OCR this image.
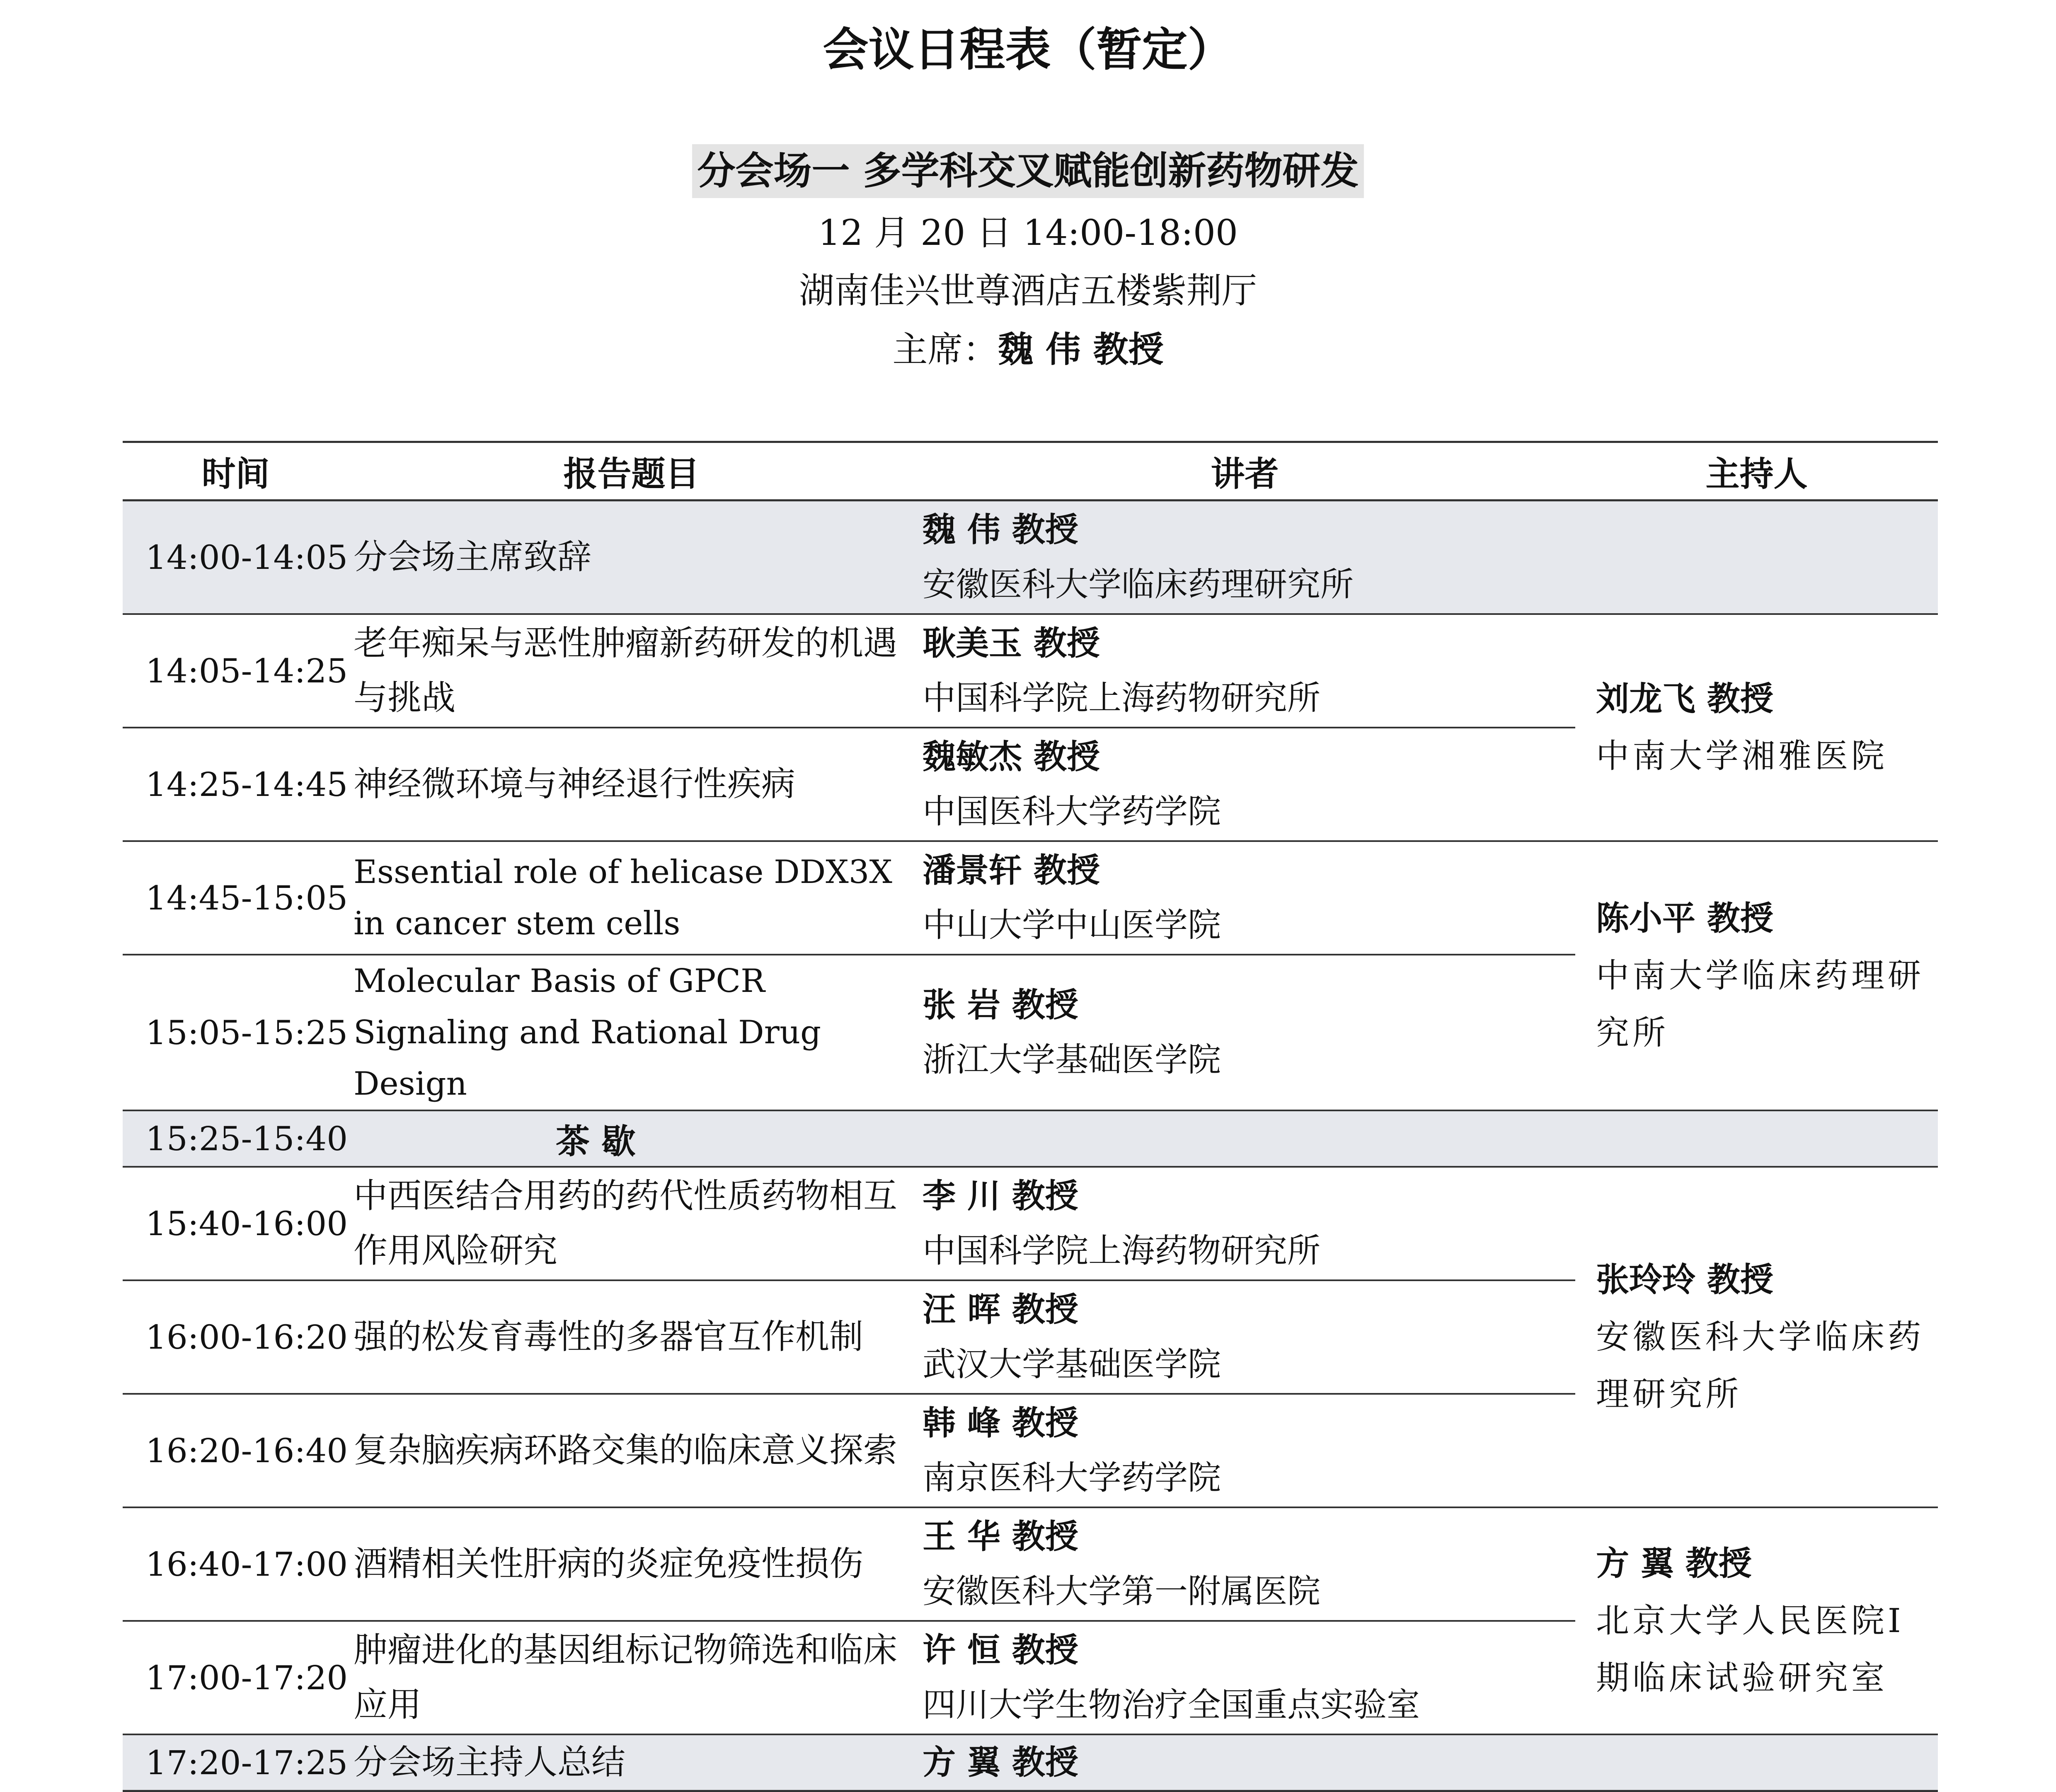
会议日程表（暂定）
分会场一 多学科交叉赋能创新药物研发
12 月 20 日 14:00-18:00
湖南佳兴世尊酒店五楼紫荆厅
主席：魏 伟 教授
时间	报告题目	讲者	主持人
14:00-14:05	分会场主席致辞	魏 伟 教授
安徽医科大学临床药理研究所	

14:05-14:25	老年痴呆与恶性肿瘤新药研发的机遇与挑战	耿美玉 教授
中国科学院上海药物研究所	刘龙飞 教授
中南大学湘雅医院

14:25-14:45	神经微环境与神经退行性疾病	魏敏杰 教授
中国医科大学药学院	

14:45-15:05	Essential role of helicase DDX3X in cancer stem cells	潘景轩 教授
中山大学中山医学院	陈小平 教授
中南大学临床药理研究所

15:05-15:25	Molecular Basis of GPCR Signaling and Rational Drug Design	张 岩 教授
浙江大学基础医学院	

15:25-15:40	茶 歇		
15:40-16:00	中西医结合用药的药代性质药物相互作用风险研究	李 川 教授
中国科学院上海药物研究所	张玲玲 教授
安徽医科大学临床药理研究所

16:00-16:20	强的松发育毒性的多器官互作机制	汪 晖 教授
武汉大学基础医学院	

16:20-16:40	复杂脑疾病环路交集的临床意义探索	韩 峰 教授
南京医科大学药学院	

16:40-17:00	酒精相关性肝病的炎症免疫性损伤	王 华 教授
安徽医科大学第一附属医院	方 翼 教授
北京大学人民医院Ⅰ期临床试验研究室

17:00-17:20	肿瘤进化的基因组标记物筛选和临床应用	许 恒 教授
四川大学生物治疗全国重点实验室	

17:20-17:25	分会场主持人总结	方 翼 教授	
